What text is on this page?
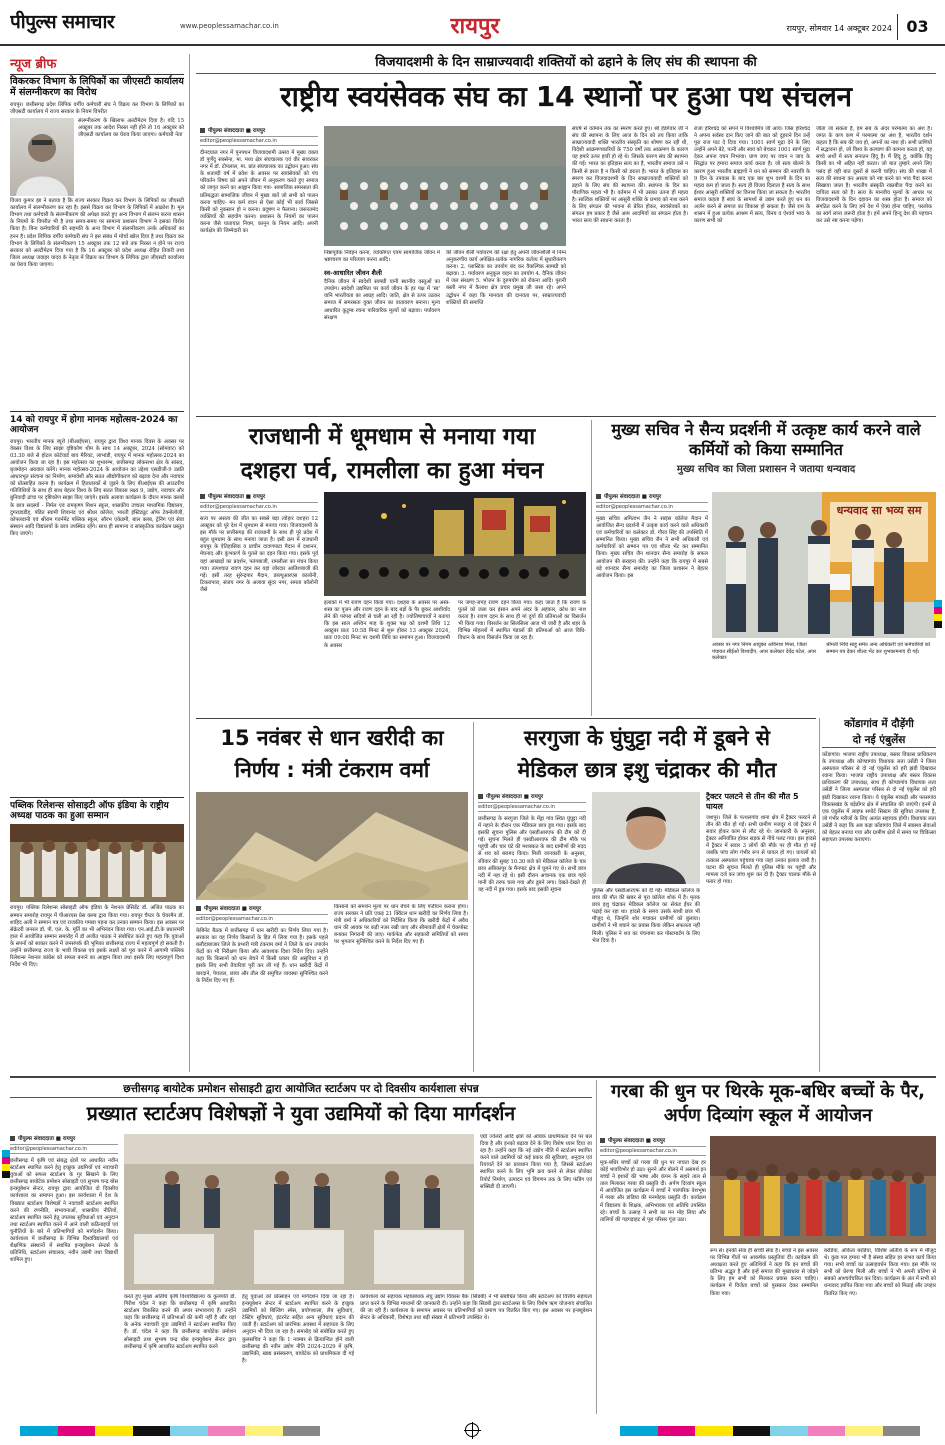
पीपुल्स समाचार	www.peoplessamachar.co.in	रायपुर	रायपुर, सोमवार 14 अक्टूबर 2024 03
न्यूज ब्रीफ
विकरकर विभाग के लिपिकों का जीएसटी कार्यालय में संलग्नीकरण का विरोध
रायपुर। छत्तीसगढ़ प्रदेश लिपिक वर्गीय कर्मचारी संघ ने विक्रय कर विभाग के लिपिकों का जीएसटी कार्यालय में राज्य सरकार के नियम विपरीत
संलग्नीकरण के खिलाफ अल्टीमेटम दिया है। यदि 15 अक्टूबर तक आदेश निरस्त नहीं होने तो 16 अक्टूबर को जीएसटी कार्यालय का घेराव किया जाएगा। कर्मचारी नेता
विजय कुमार झा ने बताया है कि राज्य सरकार विक्रय कर विभाग के लिपिकों का जीएसटी कार्यालय में संलग्नीकरण कर रहा है। इससे विक्रय कर विभाग के लिपिकों में आक्रोश है। मूल विभाग तथा कर्मचारी के संलग्नीकरण की अपेक्षा करते हुए अन्य विभाग में संलग्न करना शासन के नियमों के विपरीत भी है तथा समय-समय पर सामान्य प्रशासन विभाग ने इसका विरोध किया है। बिना कर्मचारियों की सहमति के अन्य विभाग में संलग्नीकरण उनके अधिकारों का हनन है। प्रदेश लिपिक वर्गीय कर्मचारी संघ ने इस संबंध में मोर्चा खोल दिया है तथा विक्रय कर विभाग के लिपिकों के संलग्नीकरण 15 अक्टूबर तक 12 बजे तक निरस्त न होने पर राज्य सरकार को अल्टीमेटम दिया गया है कि 16 अक्टूबर को प्रदेश अध्यक्ष रोहित तिवारी तथा जिला अध्यक्ष जवाहर यादव के नेतृत्व में विक्रय कर विभाग के लिपिक द्वारा जीएसटी कार्यालय का घेराव किया जाएगा।
14 को रायपुर में होगा मानक महोत्सव-2024 का आयोजन
रायपुर। भारतीय मानक ब्यूरो (बीआईएस), रायपुर द्वारा विश्व मानक दिवस के अवसर पर वेबसर विश्व के लिए साझा दृष्टिकोण थीम के साथ 14 अक्टूबर, 2024 (सोमवार) को 03.30 बजे से होटल कोर्टयार्ड बाय मैरियट, लाभांडी, रायपुर में मानक महोत्सव-2024 का आयोजन किया जा रहा है। इस महोत्सव का शुभारम्भ, छत्तीसगढ़ लोकसभा क्षेत्र के सांसद, बृजमोहन अग्रवाल करेंगे। मानक महोत्सव-2024 के आयोजन का उद्देश्य एसडीजी-9 उन्नति आधारभूत संरचना का निर्माण, समावेशी और सतत औद्योगीकरण को बढ़ावा देना और नवाचार को प्रोत्साहित करना है। कार्यक्रम में हितधारकों से जुड़ने के लिए बीआईएस की आउटरीच गतिविधियों के साथ ही साथ बेहतर विश्व के लिए सतत विकास लक्ष्य 9, उद्योग, नवाचार और बुनियादी ढांचा पर दृष्टिकोण साझा किए जाएंगे। इसके अलावा कार्यक्रम के दौरान मानक क्लबों के छात्र सदस्यों - निर्मल एवं रामकृष्ण मिशन स्कूल, शासकीय उच्चतर माध्यमिक विद्यालय, दुगराडाडीह, पंडित स्वामी शिवानंद एवं श्रीधर कॉलेज, भारती इंस्टिट्यूट ऑफ टेक्नोलॉजी, कोपलवानी एवं श्रीराम गवर्नमेंट पब्लिक स्कूल, सौरभ एकेडमी, बाल क्लब, ट्रेनिंग एवं सेवा संस्थान आदि विद्यालयों के छात्र उपस्थित रहेंगे। साथ ही सामान्य व सांस्कृतिक कार्यक्रम प्रस्तुत किए जाएंगे।
पब्लिक रिलेशन्स सोसाइटी ऑफ इंडिया के राष्ट्रीय अध्यक्ष पाठक का हुआ सम्मान
रायपुर। पब्लिक रिलेशन्स सोसाइटी ऑफ इंडिया के नेशनल प्रेसिडेंट डॉ. अजित पाठक का सम्मान समारोह रायपुर में पीआरएस प्रेस क्लब द्वारा किया गया। रायपुर चैप्टर के चेयरमैन डॉ. शाहिद अली ने सम्मान पत्र एवं राजकीय गमछा पहना कर उनका सम्मान किया। इस अवसर पर सेक्रेटरी जनरल डॉ. पी. एल. के. मूर्ति का भी अभिनंदन किया गया। एन.आई.टी.के प्रधानमंत्री हाल में आयोजित सम्मान समारोह में डॉ अजीत पाठक ने संबोधित करते हुए कहा कि युवाओं के सपनों को साकार करने में जनसंपर्क की भूमिका छत्तीसगढ़ राज्य में महत्वपूर्ण हो सकती है। उन्होंने छत्तीसगढ़ राज्य के भावी विकास एवं इसके लक्ष्यों को पूरा करने में आगामी पब्लिक रिलेशन्स नेशनल कांग्रेस को सफल बनाने का आह्वान किया तथा इसके लिए महत्वपूर्ण दिशा निर्देश भी दिए।
विजयादशमी के दिन साम्राज्यवादी शक्तियों को ढहाने के लिए संघ की स्थापना की
राष्ट्रीय स्वयंसेवक संघ का 14 स्थानों पर हुआ पथ संचलन
पीपुल्स संवाददाता ■ रायपुर
editor@peoplessamachar.co.in
दीनदयाल नगर में पुनपथन विजयादशमी उत्सव में मुख्य वक्ता डॉ पूर्णेंदु सक्सेना, मा. मध्य क्षेत्र संघचालक एवं वीर सावरकर नगर में डॉ. टोपलाल, मा. प्रांत संघचालक का उद्बोधन हुआ। संघ के शताब्दी वर्ष में प्रवेश के अवसर पर स्वयंसेवकों को पंच परिवर्तन विषय को अपने जीवन में अनुकरण करते हुए समाज को जागृत करने का आह्वान किया गया- सामाजिक समरसता की प्रतिबद्धता सामाजिक जीवन में मुख्य बातें जो सभी को पालन करना चाहिए- मन कर्म वचन से ऐसा कोई भी कार्य जिससे किसी को नुकसान हो न करना। प्रदूषण न फैलाना। जरूरतमंद व्यक्तियों की सहयोग करना। प्रशासन के नियमों का पालन करना जैसे यातायात नियम, कानून के नियम आदि। अपनी कार्यक्षेत्र की जिम्मेदारी का
निष्ठापूर्वक निर्वहन करना, व्यक्तिगत एवम सामाजिक जीवन में भ्रष्टाचरण का परित्याग करना आदि।
स्व-आधारित जीवन शैली
दैनिक जीवन में स्वदेशी सामग्री यानी स्थानीय वस्तुओं का उपयोग। स्वदेशी उद्यमिता पर कार्य जीवन के हर पक्ष में 'स्व' यानि भारतीयता का आग्रह आदि। जाति, क्षेत्र से ऊपर उठकर समाज में समरसता युक्त जीवन का वातावरण बनाना। मूल्य आधारित कुटुम्ब रचना पारिवारिक मूल्यों को बढ़ावा। पर्यावरण संरक्षण
की जीवन शैली पर्यावरण की रक्षा हेतु अपनी जीवनशैली में निम्न अनुकरणीय कार्य अपेक्षित-प्रत्येक नागरिक कर्तव्य में सुधारीकरण करना। 2. प्लास्टिक का उपयोग बंद कर वैकल्पिक सामग्री को बढ़ावा। 3. पर्यावरण अनुकूल वाहन का उपयोग 4. दैनिक जीवन में जल संरक्षण 5. भोजन के दुरुपयोग को रोकना आदि। पुरानी बस्ती नगर में कैलाश क्षेत्र प्रचार प्रमुख जी जसा रहे। अपने उद्बोधन में कहा कि मानवता की दानवता पर, साम्राज्यवादी शक्तियों की समाप्ति
संघर्ष से वर्तमान तक का स्मरण करते हुए। श्री हेडगेवार जी ने संघ की स्थापना के लिए आज के दिन को तय किया ताकि साम्राज्यवादी शक्ति भारतीय संस्कृति का शोषण कर रही थी, विदेशी आक्रमणकारियों के 750 वर्षों तक आक्रमण के कारण यह हमारे ऊपर हावी हो रहे थे। जिसके कारण संघ की स्थापना की गई। भारत का इतिहास सत्य का है, भारतीय समाज उसे न किसी से डरता है न किसी को डराता है। भारत के इतिहास का स्मरण कर विजयादशमी के दिन साम्राज्यवादी शक्तियों को ढहाने के लिए संघ की स्थापना की। स्थापना के दिन का पौराणिक महत्व भी है। वर्तमान में भी उसका उतना ही महत्व है। सात्विक शक्तियों पर आसुरी शक्ति के प्रभाव को नाश करने के लिए संगठन की भावना से प्रेरित होकर, स्वयंसेवकों का संगठन हम प्रकार है जैसे आम आदमियों का संगठन होता है। भारत सत्य की साधना करता है।
राजा हरिश्चंद्र को सपने में विश्वामित्र जी आये। जिस हरिश्चंद्र ने अपना सर्वस्व दान किए जाने की बात को दुहराने दिन उन्हें पूरा राज पाट दे दिया गया। 1001 स्वर्ण मुद्रा देने के लिए उन्होंने अपने बेटे, पत्नी और स्वयं को बेचकर 1001 स्वर्ण मुद्रा देकर अपना वचन निभाया। प्राण जाए पर वचन न जाए के सिद्धांत पर हमारा समाज कार्य करता है। जो सत्य बोलने के कारण हुआ भारतीय ब्राह्मणों ने धन को सम्मान की नवरात्रि के 9 दिन के उपवास के बाद एक बार शुभ दशमी के दिन का महत्व कम हो जाता है। सत्य ही विजय दिलाता है सत्य के साथ ईश्वर आसुरी शक्तियों का विनाश किया जा सकता है। भारतीय समाज कहता है स्वयं के सामर्थ्य से उद्यम करते हुए धन का अर्जन करने से समाज का विकास हो सकता है। जैसे राम के शासन में हुआ प्रत्येक आश्रम में सत्य, विनय व ऐश्वर्य भाव के कारण सभी को
जीता जा सकता है, हम सब के अंदर परमात्मा का अंश है। जगत के कण कण में परमात्मा का अंश है, भारतीय दर्शन कहता है कि सब की जय हो, अपनों का नाश हो। सभी प्राणियों में सद्भावना हो, जो विश्व के कल्याण की कामना करता हो, यह सच्चे अर्थों में सत्य सनातन हिंदू है। मैं हिंदू हूं, क्योंकि हिंदू किसी का भी अहित नहीं करता। जो बात तुम्हारे अपने लिए पसंद हो वही बात दूसरों से करनी चाहिए। संघ की शाखा में सत्य की साधना कर असत्य को नष्ट करने का भाव पैदा करना सिखाया जाता है। भारतीय संस्कृति रक्तबीज पैदा करने का दायित्व सत्य को है। सत्य के मानवीय मूल्यों के आधार पर विजयादशमी के दिन दहावन का शस्त्र होता है। समाज को संगठित करने के लिए हमें देश में ऐक्य होना चाहिए, परलोक का स्वर्ग लाना जरूरी होता है। हमें अपने हिन्दू देश की पहचान कर उसे नष्ट करना पड़ेगा।
राजधानी में धूमधाम से मनाया गया
दशहरा पर्व, रामलीला का हुआ मंचन
पीपुल्स संवाददाता ■ रायपुर
editor@peoplessamachar.co.in
सत्य पर असत्य की जीत का सबसे बड़ा त्योहार दशहरा 12 अक्टूबर को पूरे देश में धूमधाम से मनाया गया। विजयदशमी के इस मौके पर छत्तीसगढ़ की राजधानी के साथ ही पूरे प्रदेश में बहुत धूमधाम के साथ मनाया जाता है। इसी क्रम में राजधानी रायपुर के ऐतिहासिक व प्राचीन दावणपाटा मैदान में दशानन, मेघनाद और कुंभकर्ण के पुतले का दहन किया गया। इसके पूर्व यहां आखाड़ों का प्रदर्शन, पतंगबाजी, रामलीला का मंचन किया गया। तत्पश्चात रावण दहन कर यहां जोरदार आतिशबाजी की गई। इसी तरह सुरेन्द्रपार मैदान, डब्ल्यूआरएस कालोनी, टिकरापारा, संजय नगर के अलावा सुंदर नगर, समता कॉलोनी जैसे
इलाकों में भी रावण दहन किया गया। दशहरा के अवसर पर अस्त्र-शस्त्र का पूजन और रावण दहन के बाद बड़ों के पैर छूकर आशीर्वाद लेने की परंपरा सदियों से चली आ रही है। ज्योतिषाचार्यों ने बताया कि इस साल अश्विन माह के शुक्ल पक्ष को दशमी तिथि 12 अक्टूबर प्रातः 10:58 मिनट से शुरू होकर 13 अक्टूबर 2024, प्रातः 09:08 मिनट पर दशमी तिथि का समापन हुआ। विजयादशमी के अवसर
पर जगह-जगह रावण दहन किया गया। कहा जाता है कि रावण के पुतले को जला कर इंसान अपने अंदर के अहंकार, क्रोध का नाश करता है। रावण दहन के साथ ही मां दुर्गा की प्रतिमाओं का विसर्जन भी किया गया। विसर्जन का सिलसिला आज भी जारी है और शहर के विभिन्न मोहल्लों में स्थापित पंडालों की प्रतिमाओं को आज विधि-विधान के साथ विसर्जन किया जा रहा है।
मुख्य सचिव ने सैन्य प्रदर्शनी में उत्कृष्ट कार्य करने वाले कर्मियों को किया सम्मानित
मुख्य सचिव का जिला प्रशासन ने जताया धन्यवाद
पीपुल्स संवाददाता ■ रायपुर
editor@peoplessamachar.co.in
मुख्य सचिव अमिताभ जैन ने साइंस कॉलेज मैदान में आयोजित सैन्य प्रदर्शनी में उत्कृष्ट कार्य करने वाले अधिकारी एवं कर्मचारियों का कलेक्टर डॉ. गौरव सिंह की उपस्थिति में सम्मानित किया। मुख्य सचिव जैन ने सभी अधिकारी एवं कर्मचारियों को सम्मान पत्र एवं शील्ड भेंट कर सम्मानित किया। मुख्य सचिव जैन शानदार सैन्य समारोह के सफल आयोजन की सराहना की। उन्होंने कहा कि रायपुर में सबसे बड़े शानदार सैन्य समारोह का जिला प्रशासन ने बेहतर आयोजन किया। इस
धन्यवाद सा भव्य सम
अवसर पर नगर निगम आयुक्त अविनाश मिश्रा, जिला पंचायत सीईओ विश्वदीप, अपर कलेक्टर देवेंद्र पटेल, अपर कलेक्टर
श्रीमती निधि साहू समेत अन्य अधिकारी एवं कर्मचारियों को सम्मान पत्र देकर शील्ड भेंट कर शुभकामनाएं दी गई।
15 नवंबर से धान खरीदी का
निर्णय : मंत्री टंकराम वर्मा
पीपुल्स संवाददाता ■ रायपुर
editor@peoplessamachar.co.in
केबिनेट बैठक में छत्तीसगढ़ में धान खरीदी का निर्णय लिया गया है। सरकार का यह निर्णय किसानों के हित में लिया गया है। इसके पहले बलौदाबाजार जिले के प्रभारी मंत्री टंकराम वर्मा ने जिले के धान उपार्जन केंद्रों का भी निरीक्षण किया और आवश्यक दिशा निर्देश दिए। उन्होंने कहा कि किसानों को धान बेचने में किसी प्रकार की असुविधा न हो इसके लिए सभी तैयारियां पूरी कर ली गई हैं। धान खरीदी केंद्रों में बारदाने, पेयजल, छाया और तौल की समुचित व्यवस्था सुनिश्चित करने के निर्देश दिए गए हैं।
किसानों को समर्थन मूल्य पर धान बेचने के लिए पंजीयन कराना होगा। राज्य सरकार ने प्रति एकड़ 21 क्विंटल धान खरीदी का निर्णय लिया है। मंत्री वर्मा ने अधिकारियों को निर्देशित किया कि खरीदी केंद्रों में अवैध धान की आवक पर कड़ी नजर रखी जाए और सीमावर्ती क्षेत्रों में चेकपोस्ट बनाकर निगरानी की जाए। मार्कफेड और सहकारी समितियों को समय पर भुगतान सुनिश्चित करने के निर्देश दिए गए हैं।
सरगुजा के घुंघुट्टा नदी में डूबने से
मेडिकल छात्र इशु चंद्राकर की मौत
पीपुल्स संवाददाता ■ रायपुर
editor@peoplessamachar.co.in
छत्तीसगढ़ के सरगुजा जिले के मेंड्रा गांव स्थित घुंघुट्टा नदी में नहाने के दौरान एक मेडिकल छात्र डूब गया। इसके बाद इसकी सूचना पुलिस और एसडीआरएफ की टीम को दी गई। सूचना मिलते ही एसडीआरएफ की टीम मौके पर पहुंची और चार घंटे की मशक्कत के बाद ग्रामीणों की मदद से शव को बरामद किया। मिली जानकारी के अनुसार, रविवार की सुबह 10.30 बजे को मेडिकल कॉलेज के चार छात्र अंबिकापुर के मैनपाट क्षेत्र में घूमने गए थे। सभी छात्र नदी में नहा रहे थे। इसी दौरान अचानक एक छात्र गहरे पानी की तरफ चला गया और डूबने लगा। देखते-देखते ही वह नदी में डूब गया। इसके बाद इसकी सूचना	पुलिस और एसडीआरएफ को दी गई। मेडिकल कॉलेज के छात्र की मौत की खबर से पूरा कॉलेज शोक में है। मृतक छात्र इशु चंद्राकर मेडिकल कॉलेज का सेकंड ईयर की पढ़ाई कर रहा था। हादसे के समय उसके साथी छात्र भी मौजूद थे, जिन्होंने शोर मचाकर ग्रामीणों को बुलाया। ग्रामीणों ने भी बचाने का प्रयास किया लेकिन सफलता नहीं मिली। पुलिस ने शव का पंचनामा कर पोस्टमार्टम के लिए भेज दिया है।
ट्रैक्टर पलटने से तीन की मौत 5 घायल
जशपुर। जिले के पत्थलगांव थाना क्षेत्र में ट्रैक्टर पलटने से तीन की मौत हो गई। सभी ग्रामीण मजदूर थे जो ट्रैक्टर में सवार होकर काम से लौट रहे थे। जानकारी के अनुसार, ट्रैक्टर अनियंत्रित होकर सड़क से नीचे पलट गया। इस हादसे में ट्रैक्टर में सवार 3 लोगों की मौके पर ही मौत हो गई जबकि पांच लोग गंभीर रूप से घायल हो गए। घायलों को तत्काल अस्पताल पहुंचाया गया जहां उनका इलाज जारी है। घटना की सूचना मिलते ही पुलिस मौके पर पहुंची और मामला दर्ज कर जांच शुरू कर दी है। ट्रैक्टर चालक मौके से फरार हो गया।
कोंडागांव में दौड़ेंगी
दो नई एंबुलेंस
कोंडागांव। भाजपा राष्ट्रीय उपाध्यक्ष, बस्तर विकास प्राधिकरण के उपाध्यक्ष और कोण्डागांव विधायक लता उसेंडी ने जिला अस्पताल परिसर से दो नई एंबुलेंस को हरी झंडी दिखाकर रवाना किया। भाजपा राष्ट्रीय उपाध्यक्ष और बस्तर विकास प्राधिकरण की उपाध्यक्ष, साथ ही कोण्डागांव विधायक लता उसेंडी ने जिला अस्पताल परिसर से दो नई एंबुलेंस को हरी झंडी दिखाकर रवाना किया। ये एंबुलेंस माकड़ी और फरसगांव विकासखंड के बड़ेडोंगर क्षेत्र में संचालित की जाएंगी। इनमें से एक एंबुलेंस में लाइफ सपोर्ट सिस्टम की सुविधा उपलब्ध है, जो गंभीर मरीजों के लिए अत्यंत सहायक होगी। विधायक लता उसेंडी ने कहा कि अब कड़ा कोंडागांव जिले में स्वास्थ्य सेवाओं को बेहतर बनाया गया और ग्रामीण क्षेत्रों में समय पर चिकित्सा सहायता उपलब्ध कराएगा।
छत्तीसगढ़ बायोटेक प्रमोशन सोसाइटी द्वारा आयोजित स्टार्टअप पर दो दिवसीय कार्यशाला संपन्न
प्रख्यात स्टार्टअप विशेषज्ञों ने युवा उद्यमियों को दिया मार्गदर्शन
पीपुल्स संवाददाता ■ रायपुर
editor@peoplessamachar.co.in
छत्तीसगढ़ में कृषि एवं संबद्ध क्षेत्रों पर आधारित नवीन स्टार्टअप स्थापित करने हेतु इच्छुक उद्यमियों एवं नवाचारी युवाओं को सफल स्टार्टअप के गुर सिखाने के लिए छत्तीसगढ़ बायोटेक प्रमोशन सोसाइटी एवं सुभाष चन्द्र बोस इन्क्यूबेशन सेन्टर, रायपुर द्वारा आयोजित दो दिवसीय कार्यशाला का समापन हुआ। इस कार्यशाला में देश के विख्यात स्टार्टअप विशेषज्ञों ने नवाचारी स्टार्टअप स्थापित करने की रणनीति, संभावनाओं, शासकीय नीतियों, स्टार्टअप स्थापित करने हेतु उपलब्ध सुविधाओं एवं अनुदान तथा स्टार्टअप स्थापित करने में आने वाली कठिनाइयों एवं चुनौतियों के बारे में प्रतिभागियों को मार्गदर्शन किया। कार्यशाला में छत्तीसगढ़ के विभिन्न विश्वविद्यालयों एवं शैक्षणिक संस्थानों में स्थापित इन्क्यूबेशन सेन्टर्स के प्रतिनिधि, स्टार्टअप संचालक, नवीन उद्यमी तथा विद्यार्थी शामिल हुए।
करते हुए मुख्य अतिथि कृषि विश्वविद्यालय के कुलपति डॉ. गिरीश चंदेल ने कहा कि छत्तीसगढ़ में कृषि आधारित स्टार्टअप विकसित करने की अपार संभावनाएं हैं। उन्होंने कहा कि छत्तीसगढ़ में प्रतिभाओं की कमी नहीं है और यहां के अनेक नवाचारी युवा उद्यमियों ने स्टार्टअप स्थापित किए हैं। डॉ. चंदेल ने कहा कि छत्तीसगढ़ बायोटेक प्रमोशन सोसाइटी तथा सुभाष चन्द्र बोस इन्क्यूबेशन सेन्टर द्वारा छत्तीसगढ़ में कृषि आधारित स्टार्टअप स्थापित करने
हेतु युवाओं को प्रोत्साहन एवं मार्गदर्शन दिया जा रहा है। इन्क्यूबेशन सेन्टर में स्टार्टअप स्थापित करने के इच्छुक उद्यमियों को बिल्डिंग स्पेस, प्रयोगशाला, लैब सुविधाएं, टेस्टिंग सुविधाएं, इंटरनेट सहित अन्य सुविधाएं प्रदान की जाती हैं। स्टार्टअप को प्रारंभिक अवस्था में सहायता के लिए अनुदान भी दिया जा रहा है। समारोह को संबोधित करते हुए कुलसचिव ने कहा कि 1 नवम्बर से क्रियान्वित होने वाली छत्तीसगढ़ की नवीन उद्योग नीति 2024-2029 में कृषि, उद्यानिकी, खाद्य प्रसंस्करण, बायोटेक को प्राथमिकता दी गई है।
एग्री ज्वेलरी आदि क्षेत्रों को अधिक प्राथमिकता देने पर बल दिया है और इनको बढ़ावा देने के लिए विशेष ध्यान दिया जा रहा है। उन्होंने कहा कि नई उद्योग नीति में स्टार्टअप स्थापित करने वाले उद्यमियों को कई प्रकार की सुविधाएं, अनुदान एवं रियायतें देने का प्रावधान किया गया है, जिससे स्टार्टअप स्थापित करने के लिए भूमि क्रय करने से लेकर प्रोजेक्ट रिपोर्ट निर्माण, उत्पादन एवं विपणन तक के लिए फंडिंग एवं सब्सिडी दी जाएगी।
कार्यशाला को सहायक महाप्रबंधक लघु उद्योग विकास बैंक (सिडबी) ने भी संबोधित किया और स्टार्टअप को वित्तीय सहायता प्राप्त करने के विभिन्न माध्यमों की जानकारी दी। उन्होंने कहा कि सिडबी द्वारा स्टार्टअप्स के लिए विशेष ऋण योजनाएं संचालित की जा रही हैं। कार्यशाला के समापन अवसर पर प्रतिभागियों को प्रमाण पत्र वितरित किए गए। इस अवसर पर इन्क्यूबेशन सेन्टर के अधिकारी, विशेषज्ञ तथा बड़ी संख्या में प्रतिभागी उपस्थित थे।
गरबा की धुन पर थिरके मूक-बधिर बच्चों के पैर, अर्पण दिव्यांग स्कूल में आयोजन
पीपुल्स संवाददाता ■ रायपुर
editor@peoplessamachar.co.in
मूक-बधिर बच्चों को गरबा की धुन पर नाचता देख हर कोई भावविभोर हो उठा। सुनने और बोलने में असमर्थ इन बच्चों ने इशारों की भाषा और कंपन के सहारे ताल से ताल मिलाकर गरबा की प्रस्तुति दी। अर्पण दिव्यांग स्कूल में आयोजित इस कार्यक्रम में बच्चों ने पारंपरिक वेशभूषा में गरबा और डांडिया की मनमोहक प्रस्तुति दी। कार्यक्रम में विद्यालय के शिक्षक, अभिभावक एवं अतिथि उपस्थित रहे। बच्चों के उत्साह ने सभी का मन मोह लिया और तालियों की गड़गड़ाहट से पूरा परिसर गूंज उठा।
रूप से। इनकी सेवा ही सच्ची सेवा है। बच्चों ने इस अवसर पर विभिन्न गीतों पर आकर्षक प्रस्तुतियां दीं। कार्यक्रम की अध्यक्षता करते हुए अतिथियों ने कहा कि इन बच्चों की प्रतिभा अद्भुत है और इन्हें समाज की मुख्यधारा से जोड़ने के लिए हम सभी को मिलकर प्रयास करना चाहिए। कार्यक्रम में विजेता बच्चों को पुरस्कार देकर सम्मानित किया गया।
बरडिया, अंकिता बरडिया, विशिष्ट अतिथि के रूप में मौजूद थे। कुछ पल हमारा भी है संस्था सहित हर संभव कार्य किया गया। सभी बच्चों का उत्साहवर्धन किया गया। इस मौके पर सभी को प्रेरणा मिली और बच्चों ने भी अपनी प्रतिभा से सबको आश्चर्यचकित कर दिया। कार्यक्रम के अंत में सभी को धन्यवाद ज्ञापित किया गया और बच्चों को मिठाई और उपहार वितरित किए गए।
